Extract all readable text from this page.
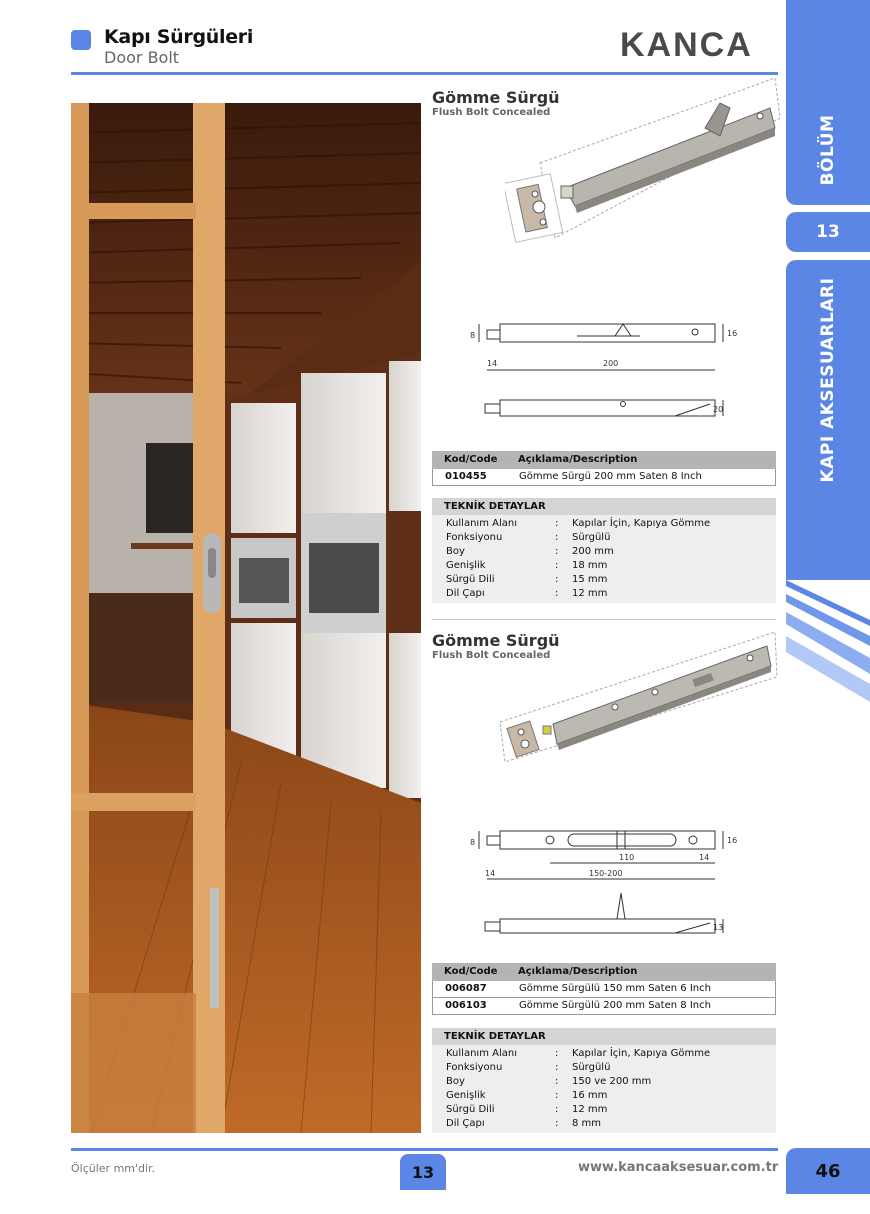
Kapı Sürgüleri
Door Bolt	KANCA
BÖLÜM
13
KAPI AKSESUARLARI
Gömme Sürgü
Flush Bolt Concealed
8	16
14	200
20
Kod/Code Açıklama/Description
010455	Gömme Sürgü 200 mm Saten 8 Inch
TEKNİK DETAYLAR
Kullanım Alanı	: Kapılar İçin, Kapıya Gömme
Fonksiyonu	: Sürgülü
Boy	: 200 mm
Genişlik	: 18 mm
Sürgü Dili	: 15 mm
Dil Çapı	: 12 mm
Gömme Sürgü
Flush Bolt Concealed
8	16
110	14
14	150-200
13
Kod/Code Açıklama/Description
006087	Gömme Sürgülü 150 mm Saten 6 Inch
006103	Gömme Sürgülü 200 mm Saten 8 Inch
TEKNİK DETAYLAR
Kullanım Alanı	: Kapılar İçin, Kapıya Gömme
Fonksiyonu	: Sürgülü
Boy	: 150 ve 200 mm
Genişlik	: 16 mm
Sürgü Dili	: 12 mm
Dil Çapı	: 8 mm
Ölçüler mm'dir.	13	www.kancaaksesuar.com.tr	46
